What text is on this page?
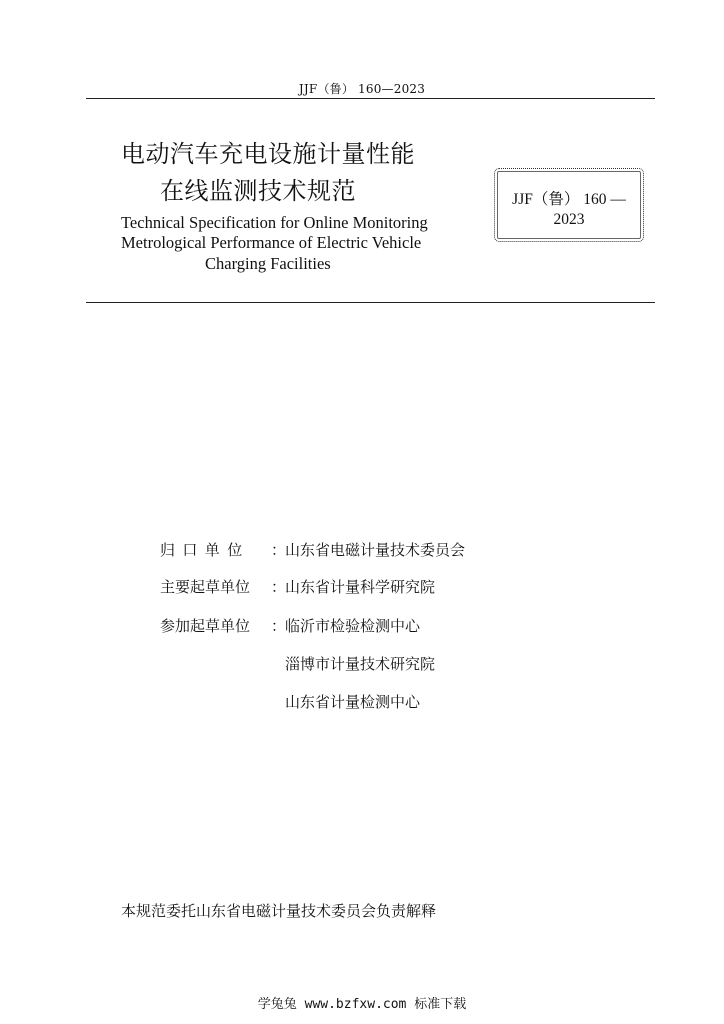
JJF（鲁） 160—2023
电动汽车充电设施计量性能
在线监测技术规范
Technical Specification for Online Monitoring
Metrological Performance of Electric Vehicle
Charging Facilities
JJF（鲁） 160 —
2023
归口单位 ：
山东省电磁计量技术委员会
主要起草单位 ：
山东省计量科学研究院
参加起草单位 ：
临沂市检验检测中心
淄博市计量技术研究院
山东省计量检测中心
本规范委托山东省电磁计量技术委员会负责解释
学兔兔 www.bzfxw.com 标准下载
